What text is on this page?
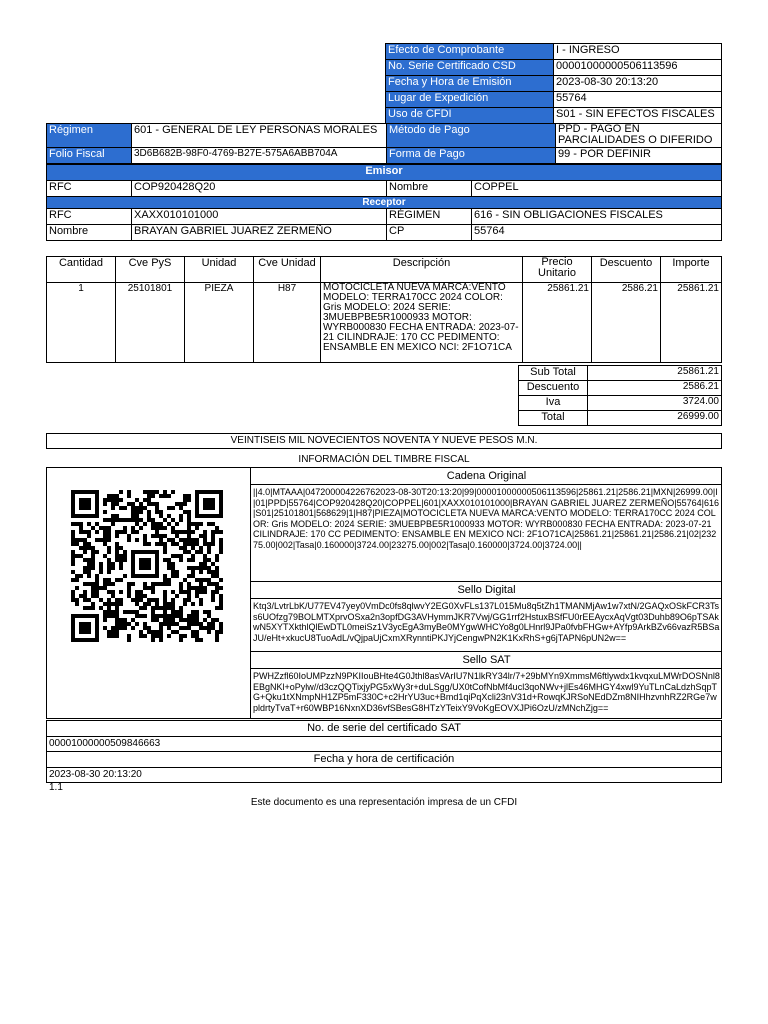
Efecto de Comprobante	I - INGRESO
No. Serie Certificado CSD	00001000000506113596
Fecha y Hora de Emisión	2023-08-30 20:13:20
Lugar de Expedición	55764
Uso de CFDI	S01 - SIN EFECTOS FISCALES
Régimen	601 - GENERAL DE LEY PERSONAS MORALES	Método de Pago	PPD - PAGO EN PARCIALIDADES O DIFERIDO
Folio Fiscal	3D6B682B-98F0-4769-B27E-575A6ABB704A	Forma de Pago	99 - POR DEFINIR
Emisor			
RFC	COP920428Q20	Nombre	COPPEL
Receptor			
RFC	XAXX010101000	RÉGIMEN	616 - SIN OBLIGACIONES FISCALES
Nombre	BRAYAN GABRIEL JUAREZ ZERMEÑO	CP	55764
Cantidad	Cve PyS	Unidad	Cve Unidad	Descripción	Precio Unitario	Descuento	Importe
1	25101801	PIEZA	H87	MOTOCICLETA NUEVA MARCA:VENTO MODELO: TERRA170CC 2024 COLOR: Gris MODELO: 2024 SERIE: 3MUEBPBE5R1000933 MOTOR: WYRB000830 FECHA ENTRADA: 2023-07-21 CILINDRAJE: 170 CC PEDIMENTO: ENSAMBLE EN MEXICO NCI: 2F1O71CA	25861.21	2586.21	25861.21
Sub Total	25861.21
Descuento	2586.21
Iva	3724.00
Total	26999.00
VEINTISEIS MIL NOVECIENTOS NOVENTA Y NUEVE PESOS M.N.
INFORMACIÓN DEL TIMBRE FISCAL
Cadena Original
||4.0|MTAAA|047200004226762023-08-30T20:13:20|99|00001000000506113596|25861.21|2586.21|MXN|26999.00|I|01|PPD|55764|COP920428Q20|COPPEL|601|XAXX010101000|BRAYAN GABRIEL JUAREZ ZERMEÑO|55764|616|S01|25101801|568629|1|H87|PIEZA|MOTOCICLETA NUEVA MARCA:VENTO MODELO: TERRA170CC 2024 COLOR: Gris MODELO: 2024 SERIE: 3MUEBPBE5R1000933 MOTOR: WYRB000830 FECHA ENTRADA: 2023-07-21 CILINDRAJE: 170 CC PEDIMENTO: ENSAMBLE EN MEXICO NCI: 2F1O71CA|25861.21|25861.21|2586.21|02|23275.00|002|Tasa|0.160000|3724.00|23275.00|002|Tasa|0.160000|3724.00|3724.00||
Sello Digital
Ktq3/LvtrLbK/U77EV47yey0VmDc0fs8qlwvY2EG0XvFLs137L015Mu8q5tZh1TMANMjAw1w7xtN/2GAQxOSkFCR3Tss6UOfzg79BOLMTXprvOSxa2n3opfDG3AVHymmJKR7Vwj/GG1rrf2HstuxBSfFU0rEEAycxAqVgt03Duhb89O6pTSAkwN5XYTXkthlQlEwDTL0meiSz1V3ycEgA3myBe0MYgwWHCYo8g0LHnrl9JPa0fvbFHGw+AYfp9ArkBZv66vazR5BSaJU/eHt+xkucU8TuoAdL/vQjpaUjCxmXRynntiPKJYjCengwPN2K1KxRhS+g6jTAPN6pUN2w==
Sello SAT
PWHZzfl60IoUMPzzN9PKIIouBHte4G0Jthl8asVArIU7N1lkRY34lr/7+29bMYn9XmmsM6ftlywdx1kvqxuLMWrDOSNnl8EBgNKl+oPylw//d3czQQTixjyPG5xWy3r+duLSgg/UX0tCofNbMf4ucl3qoNWv+jlEs46MHGY4xwl9YuTLnCaLdzhSqpTG+Qku1tXNmpNH1ZP5mF330C+c2HrYU3uc+Bmd1qiPqXcli23nV31d+RowqKJRSoNEdDZm8NIHhzvnhRZ2RGe7wpldrtyTvaT+r60WBP16NxnXD36vfSBesG8HTzYTeixY9VoKgEOVXJPi6OzU/zMNchZjg==
No. de serie del certificado SAT
00001000000509846663
Fecha y hora de certificación
2023-08-30 20:13:20
1.1
Este documento es una representación impresa de un CFDI
